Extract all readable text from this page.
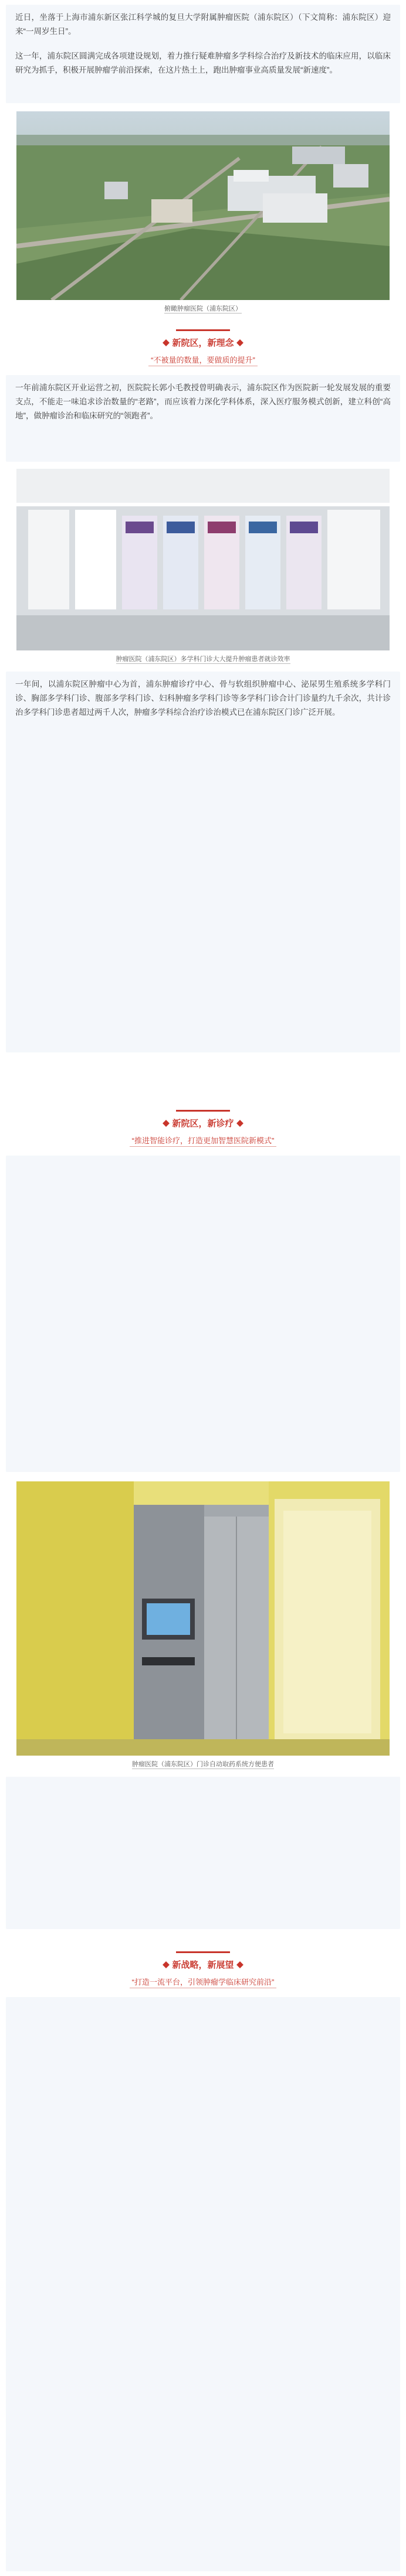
近日，坐落于上海市浦东新区张江科学城的复旦大学附属肿瘤医院（浦东院区）（下文简称：浦东院区）迎来“一周岁生日”。

这一年，浦东院区圆满完成各项建设规划，着力推行疑难肿瘤多学科综合治疗及新技术的临床应用，以临床研究为抓手，积极开展肿瘤学前沿探索，在这片热土上，跑出肿瘤事业高质量发展“新速度”。

俯瞰肿瘤医院（浦东院区）
新院区，新理念
“不被量的数量，要做质的提升”

一年前浦东院区开业运营之初，医院院长郭小毛教授曾明确表示，浦东院区作为医院新一轮发展发展的重要支点，不能走一味追求诊治数量的“老路”，而应该着力深化学科体系，深入医疗服务模式创新，建立科创“高地”，做肿瘤诊治和临床研究的“领跑者”。

肿瘤医院（浦东院区）多学科门诊大大提升肿瘤患者就诊效率

一年间，以浦东院区肿瘤中心为首，浦东肿瘤诊疗中心、骨与软组织肿瘤中心、泌尿男生殖系统多学科门诊、胸部多学科门诊、腹部多学科门诊、妇科肿瘤多学科门诊等多学科门诊合计门诊量约九千余次，共计诊治多学科门诊患者超过两千人次，肿瘤多学科综合治疗诊治模式已在浦东院区门诊广泛开展。

新院区，新诊疗
“推进智能诊疗，打造更加智慧医院新模式”
肿瘤医院（浦东院区）门诊自动取药系统方便患者
新战略，新展望
“打造一流平台，引领肿瘤学临床研究前沿”
